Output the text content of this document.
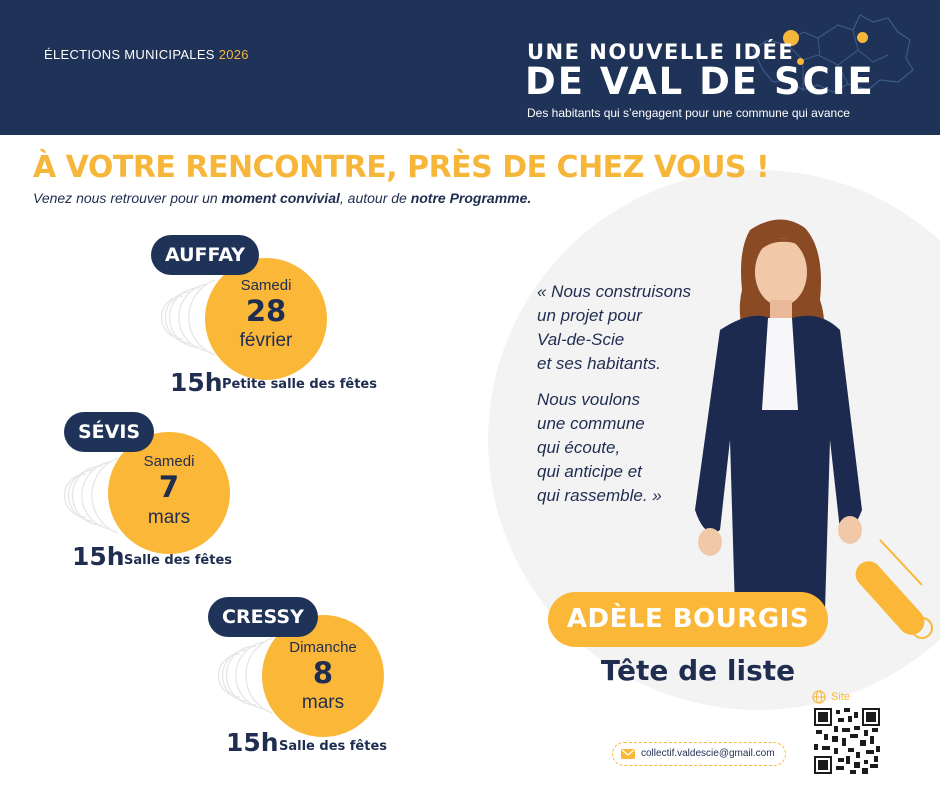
ÉLECTIONS MUNICIPALES 2026	UNE NOUVELLE IDÉE
DE VAL DE SCIE
Des habitants qui s’engagent pour une commune qui avance
À VOTRE RENCONTRE, PRÈS DE CHEZ VOUS !
Venez nous retrouver pour un moment convivial, autour de notre Programme.
AUFFAY
Samedi
28
février
15h Petite salle des fêtes
SÉVIS
Samedi
7
mars
15h Salle des fêtes
CRESSY
Dimanche
8
mars
15h Salle des fêtes

« Nous construisons
un projet pour
Val-de-Scie
et ses habitants.

Nous voulons
une commune
qui écoute,
qui anticipe et
qui rassemble. »

ADÈLE BOURGIS
Tête de liste
Site
collectif.valdescie@gmail.com
